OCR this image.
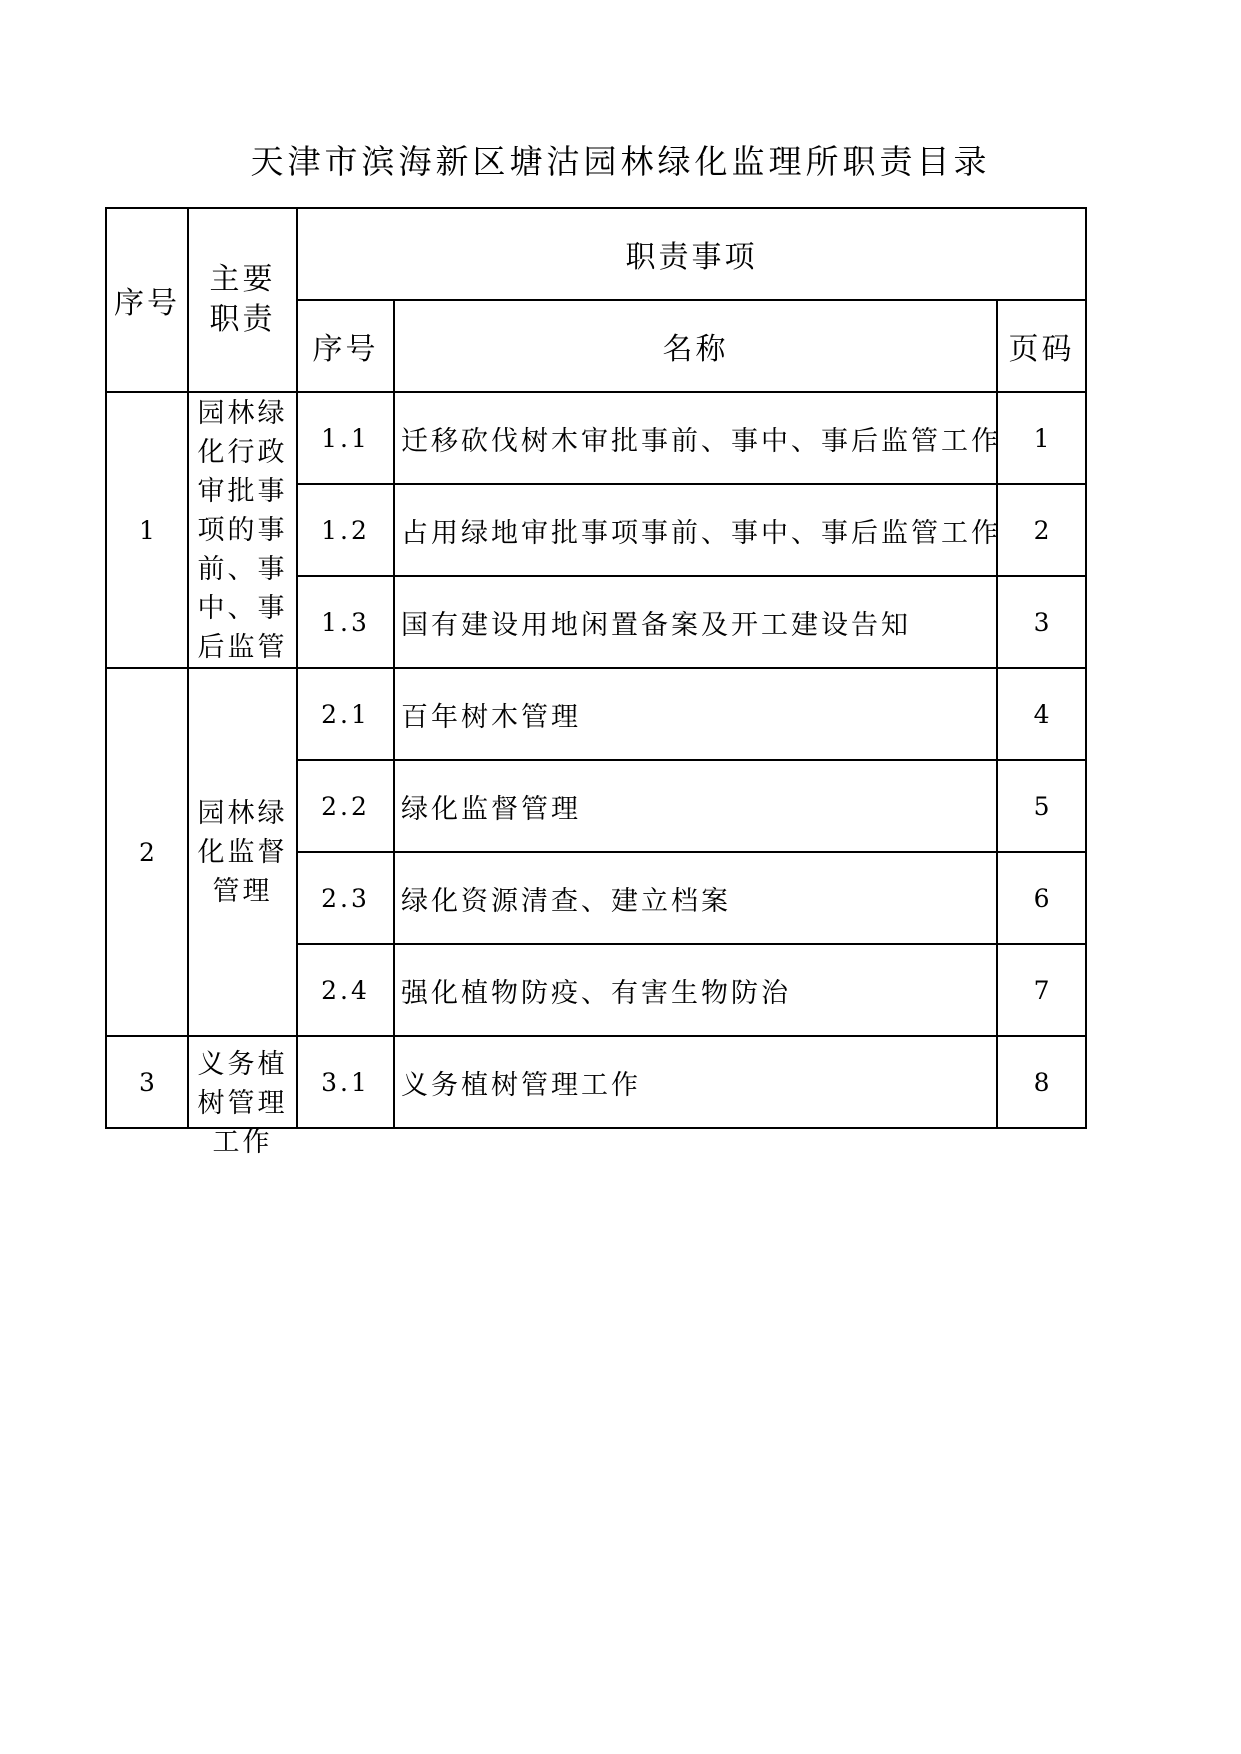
天津市滨海新区塘沽园林绿化监理所职责目录
序号	主要职责	职责事项		
		序号	名称	页码
1	园林绿化行政审批事项的事前、事中、事后监管	1.1	迁移砍伐树木审批事前、事中、事后监管工作	1
		1.2	占用绿地审批事项事前、事中、事后监管工作	2
		1.3	国有建设用地闲置备案及开工建设告知	3
2	园林绿化监督管理	2.1	百年树木管理	4
		2.2	绿化监督管理	5
		2.3	绿化资源清查、建立档案	6
		2.4	强化植物防疫、有害生物防治	7
3	义务植树管理工作	3.1	义务植树管理工作	8
